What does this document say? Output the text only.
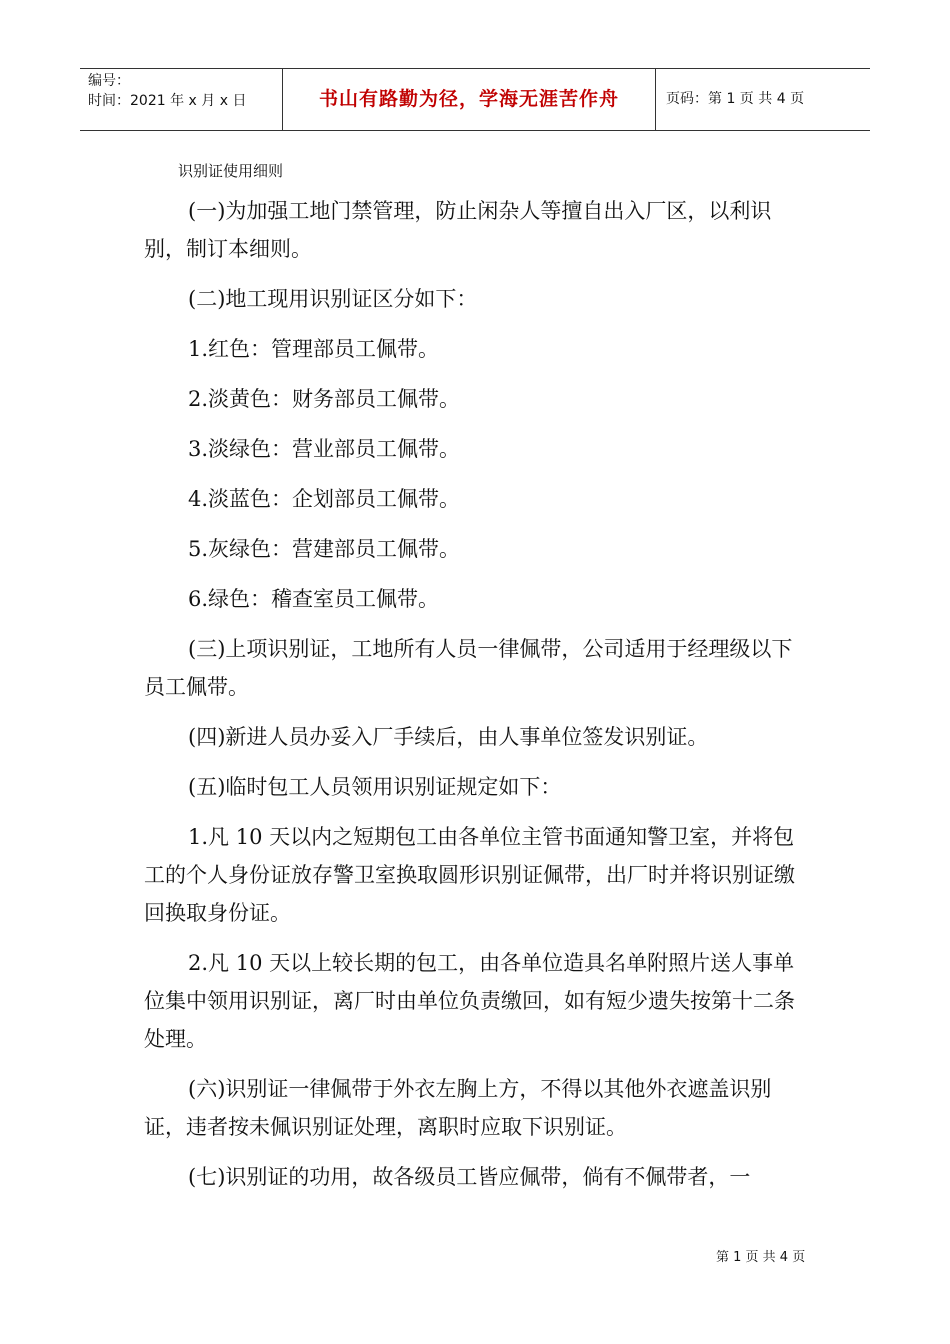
编号：
时间：2021 年 x 月 x 日	书山有路勤为径，学海无涯苦作舟	页码：第 1 页 共 4 页
识别证使用细则

(一)为加强工地门禁管理，防止闲杂人等擅自出入厂区，以利识别，制订本细则。

(二)地工现用识别证区分如下：

1.红色：管理部员工佩带。

2.淡黄色：财务部员工佩带。

3.淡绿色：营业部员工佩带。

4.淡蓝色：企划部员工佩带。

5.灰绿色：营建部员工佩带。

6.绿色：稽查室员工佩带。

(三)上项识别证，工地所有人员一律佩带，公司适用于经理级以下员工佩带。

(四)新进人员办妥入厂手续后，由人事单位签发识别证。

(五)临时包工人员领用识别证规定如下：

1.凡 10 天以内之短期包工由各单位主管书面通知警卫室，并将包工的个人身份证放存警卫室换取圆形识别证佩带，出厂时并将识别证缴回换取身份证。

2.凡 10 天以上较长期的包工，由各单位造具名单附照片送人事单位集中领用识别证，离厂时由单位负责缴回，如有短少遗失按第十二条处理。

(六)识别证一律佩带于外衣左胸上方，不得以其他外衣遮盖识别证，违者按未佩识别证处理，离职时应取下识别证。

(七)识别证的功用，故各级员工皆应佩带，倘有不佩带者，一

第 1 页 共 4 页
